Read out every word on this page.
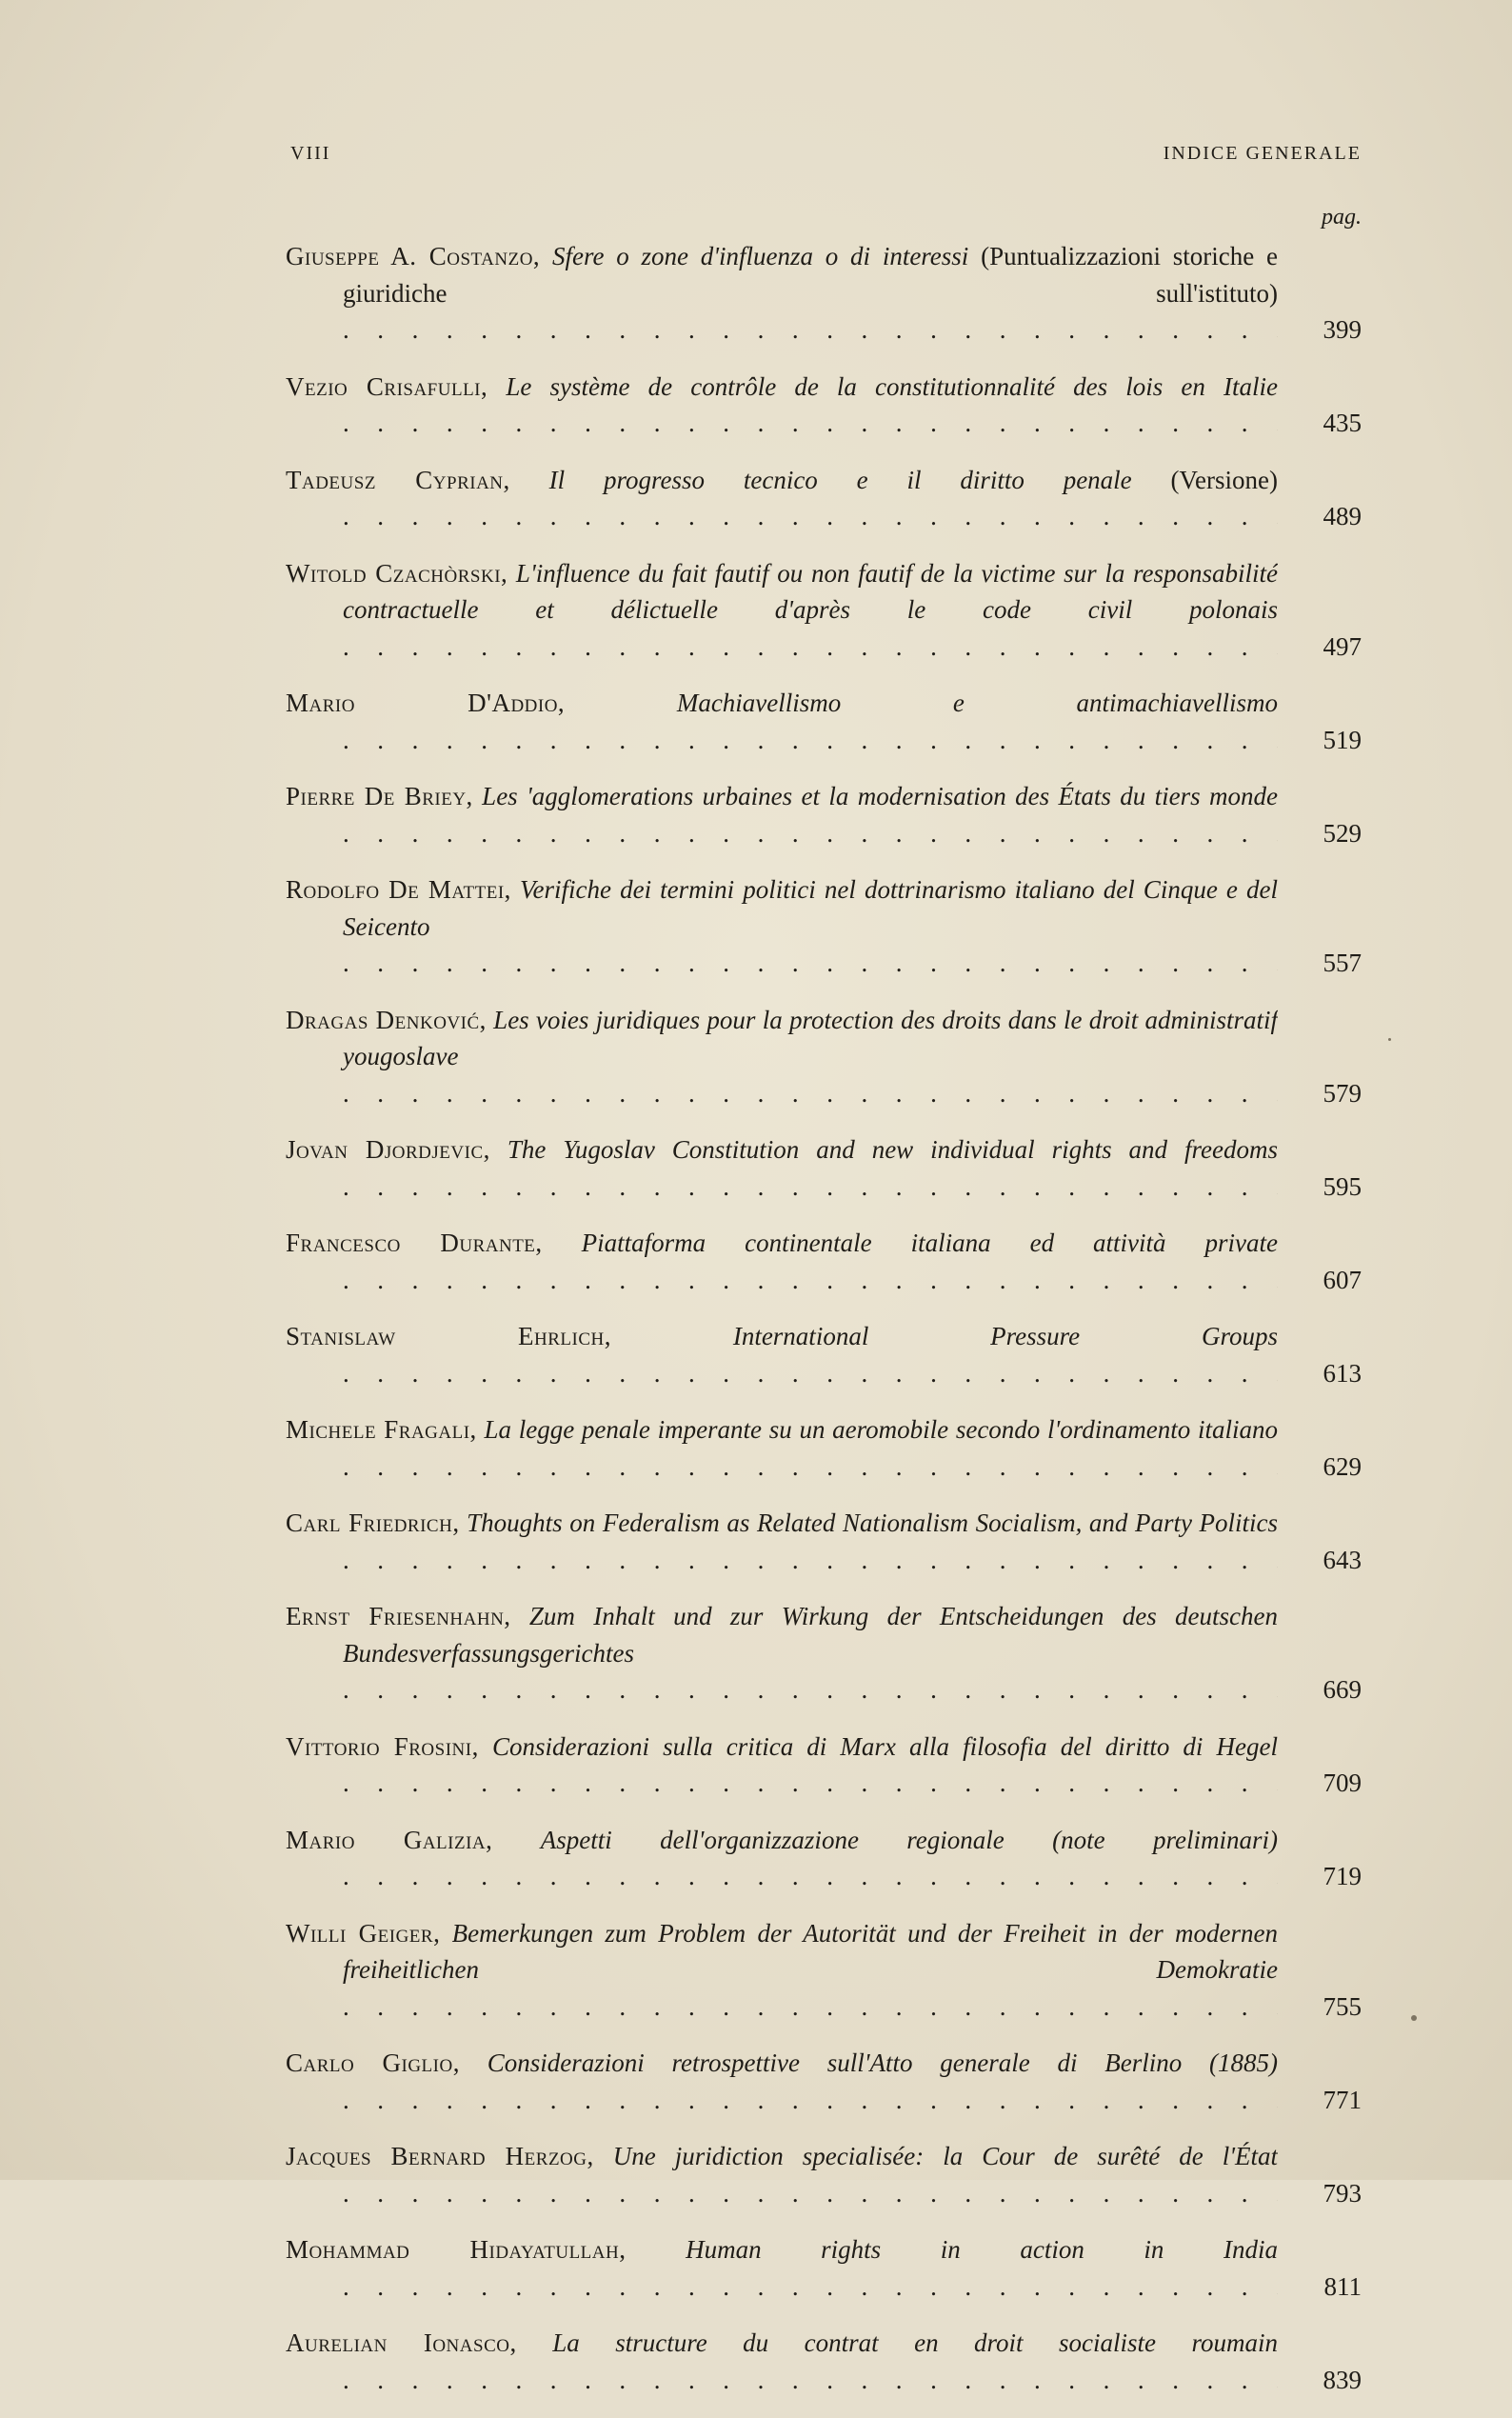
VIII	INDICE GENERALE
pag.
Giuseppe A. Costanzo, Sfere o zone d'influenza o di interessi (Puntualizzazioni storiche e giuridiche sull'istituto) . . .
399
Vezio Crisafulli, Le système de contrôle de la constitutionnalité des lois en Italie . . .
435
Tadeusz Cyprian, Il progresso tecnico e il diritto penale (Versione) . . .
489
Witold Czachòrski, L'influence du fait fautif ou non fautif de la victime sur la responsabilité contractuelle et délictuelle d'après le code civil polonais . . .
497
Mario D'Addio,	Machiavellismo e antimachiavellismo . . .
519
Pierre De Briey, Les 'agglomerations urbaines et la modernisation des États du tiers monde . . .
529
Rodolfo De Mattei, Verifiche dei termini politici nel dottrinarismo italiano del Cinque e del Seicento . . .
557
Dragas Denković, Les voies juridiques pour la protection des droits dans le droit administratif yougoslave . . .
579
Jovan Djordjevic, The Yugoslav Constitution and new individual rights and freedoms . . .
595
Francesco Durante, Piattaforma continentale italiana ed attività private . . .
607
Stanislaw Ehrlich,	International Pressure Groups . . .
613
Michele Fragali, La legge penale imperante su un aeromobile secondo l'ordinamento italiano . . .
629
Carl Friedrich, Thoughts on Federalism as Related Nationalism Socialism, and Party Politics . . .
643
Ernst Friesenhahn, Zum Inhalt und zur Wirkung der Entscheidungen des deutschen Bundesverfassungsgerichtes . . .
669
Vittorio Frosini, Considerazioni sulla critica di Marx alla filosofia del diritto di Hegel . . .
709
Mario Galizia, Aspetti dell'organizzazione regionale (note preliminari) . . .
719
Willi Geiger, Bemerkungen zum Problem der Autorität und der Freiheit in der modernen freiheitlichen Demokratie . . .
755
Carlo Giglio, Considerazioni retrospettive sull'Atto generale di Berlino (1885) . . .
771
Jacques Bernard Herzog, Une juridiction specialisée: la Cour de surêté de l'État . . .
793
Mohammad Hidayatullah, Human rights in action in India . . .
811
Aurelian Ionasco, La structure du contrat en droit socialiste roumain . . .
839
